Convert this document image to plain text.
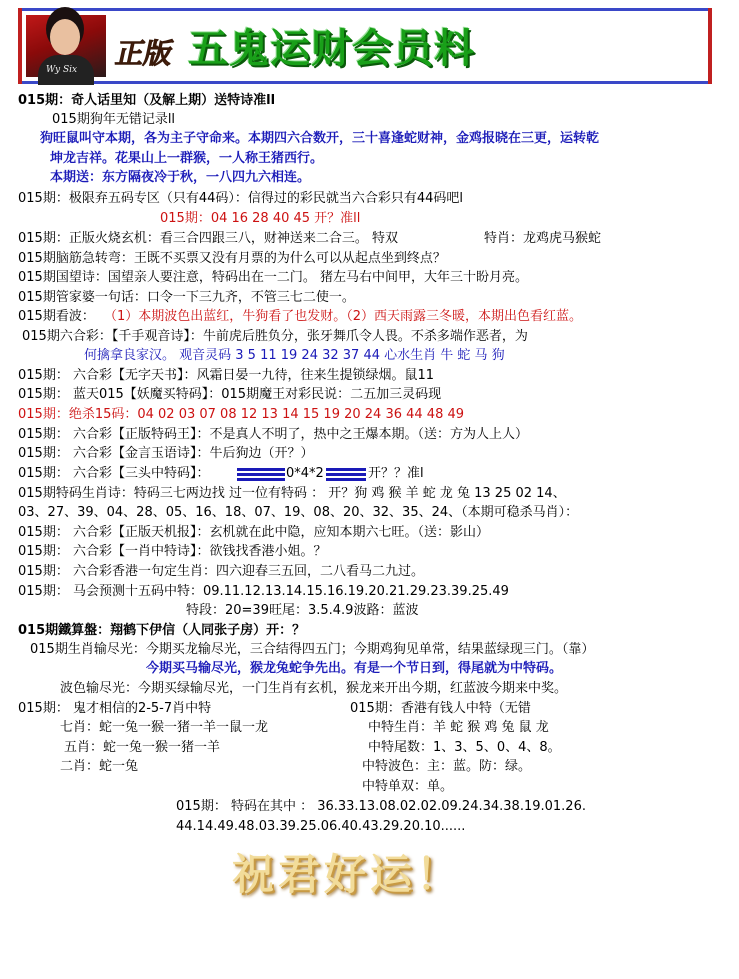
Wy Six
正版 五鬼运财会员料
015期：奇人话里知（及解上期）送特诗准ll
015期狗年无错记录ll
狗旺鼠叫守本期，各为主子守命来。本期四六合数开，三十喜逢蛇财神，金鸡报晓在三更，运转乾
坤龙吉祥。花果山上一群猴，一人称王猪西行。
本期送：东方隔夜冷于秋，一八四九六相连。
015期：极限弃五码专区（只有44码）：信得过的彩民就当六合彩只有44码吧l
015期：04 16 28 40 45 开？准ll
015期：正版火烧玄机：看三合四跟三八，财神送来二合三。 特双	特肖：龙鸡虎马猴蛇
015期脑筋急转弯：王既不买票又没有月票的为什么可以从起点坐到终点？
015期国望诗：国望亲人要注意，特码出在一二门。 猪左马右中间甲，大年三十盼月亮。
015期管家婆一句话：口令一下三九齐，不管三七二使一。
015期看波： （1）本期波色出蓝红，牛狗看了也发财。（2）西天雨露三冬暖，本期出色看红蓝。
015期六合彩：【千手观音诗】：牛前虎后胜负分，张牙舞爪令人畏。不杀多端作恶者，为
何擒拿良家汉。 观音灵码 3 5 11 19 24 32 37 44 心水生肖 牛 蛇 马 狗
015期： 六合彩【无字天书】：风霜日晏一九待，往来生提锁绿烟。鼠11
015期： 蓝天015【妖魔买特码】：015期魔王对彩民说：二五加三灵码现
015期：绝杀15码：04 02 03 07 08 12 13 14 15 19 20 24 36 44 48 49
015期： 六合彩【正版特码王】：不是真人不明了，热中之王爆本期。（送：方为人上人）
015期： 六合彩【金言玉语诗】：牛后狗边（开？）
015期： 六合彩【三头中特码】：	0*4*2	开？？准l
015期特码生肖诗：特码三七两边找 过一位有特码 ： 开？狗 鸡 猴 羊 蛇 龙 兔 13 25 02 14、
03、27、39、04、28、05、16、18、07、19、08、20、32、35、24、（本期可稳杀马肖）：
015期： 六合彩【正版天机报】：玄机就在此中隐，应知本期六七旺。（送：影山）
015期： 六合彩【一肖中特诗】：欲钱找香港小姐。？
015期： 六合彩香港一句定生肖：四六迎春三五回，二八看马二九过。
015期： 马会预测十五码中特：09.11.12.13.14.15.16.19.20.21.29.23.39.25.49
特段：20=39旺尾：3.5.4.9波路：蓝波
015期鐵算盤：翔鹤下伊信（人同张子房）开：？
015期生肖输尽光：今期买龙输尽光，三合结得四五门；今期鸡狗见单常，结果蓝绿现三门。（靠）
今期买马输尽光，猴龙兔蛇争先出。有是一个节日到，得尾就为中特码。
波色输尽光：今期买绿输尽光，一门生肖有玄机，猴龙来开出今期，红蓝波今期来中奖。
015期： 鬼才相信的2-5-7肖中特	015期：香港有钱人中特（无错
七肖：蛇一兔一猴一猪一羊一鼠一龙	中特生肖：羊 蛇 猴 鸡 兔 鼠 龙
五肖：蛇一兔一猴一猪一羊	中特尾数：1、3、5、0、4、8。
二肖：蛇一兔	中特波色：主：蓝。防：绿。
中特单双：单。
015期： 特码在其中 ： 36.33.13.08.02.02.09.24.34.38.19.01.26.
44.14.49.48.03.39.25.06.40.43.29.20.10......
祝君好运！
